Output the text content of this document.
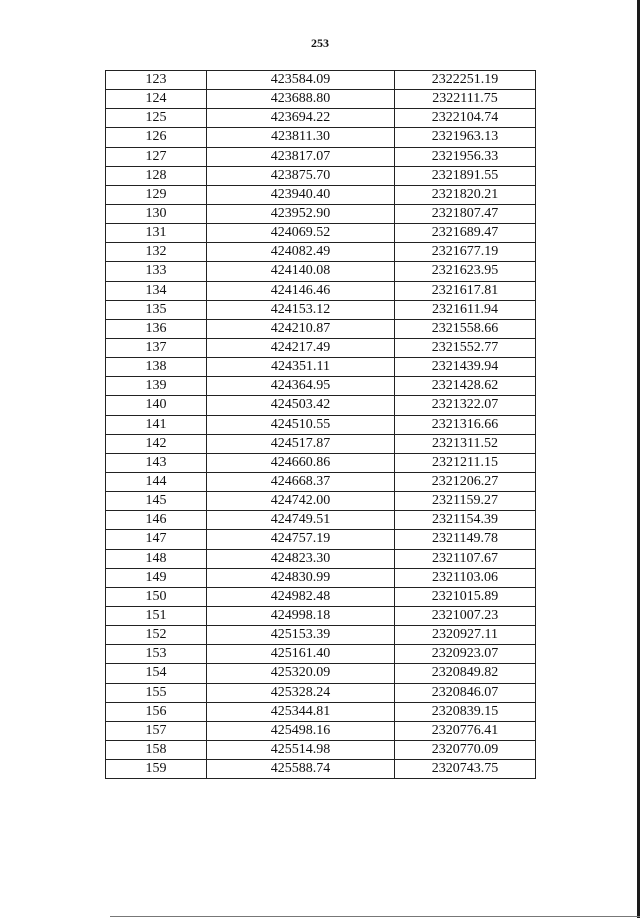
253
123	423584.09	2322251.19
124	423688.80	2322111.75
125	423694.22	2322104.74
126	423811.30	2321963.13
127	423817.07	2321956.33
128	423875.70	2321891.55
129	423940.40	2321820.21
130	423952.90	2321807.47
131	424069.52	2321689.47
132	424082.49	2321677.19
133	424140.08	2321623.95
134	424146.46	2321617.81
135	424153.12	2321611.94
136	424210.87	2321558.66
137	424217.49	2321552.77
138	424351.11	2321439.94
139	424364.95	2321428.62
140	424503.42	2321322.07
141	424510.55	2321316.66
142	424517.87	2321311.52
143	424660.86	2321211.15
144	424668.37	2321206.27
145	424742.00	2321159.27
146	424749.51	2321154.39
147	424757.19	2321149.78
148	424823.30	2321107.67
149	424830.99	2321103.06
150	424982.48	2321015.89
151	424998.18	2321007.23
152	425153.39	2320927.11
153	425161.40	2320923.07
154	425320.09	2320849.82
155	425328.24	2320846.07
156	425344.81	2320839.15
157	425498.16	2320776.41
158	425514.98	2320770.09
159	425588.74	2320743.75
